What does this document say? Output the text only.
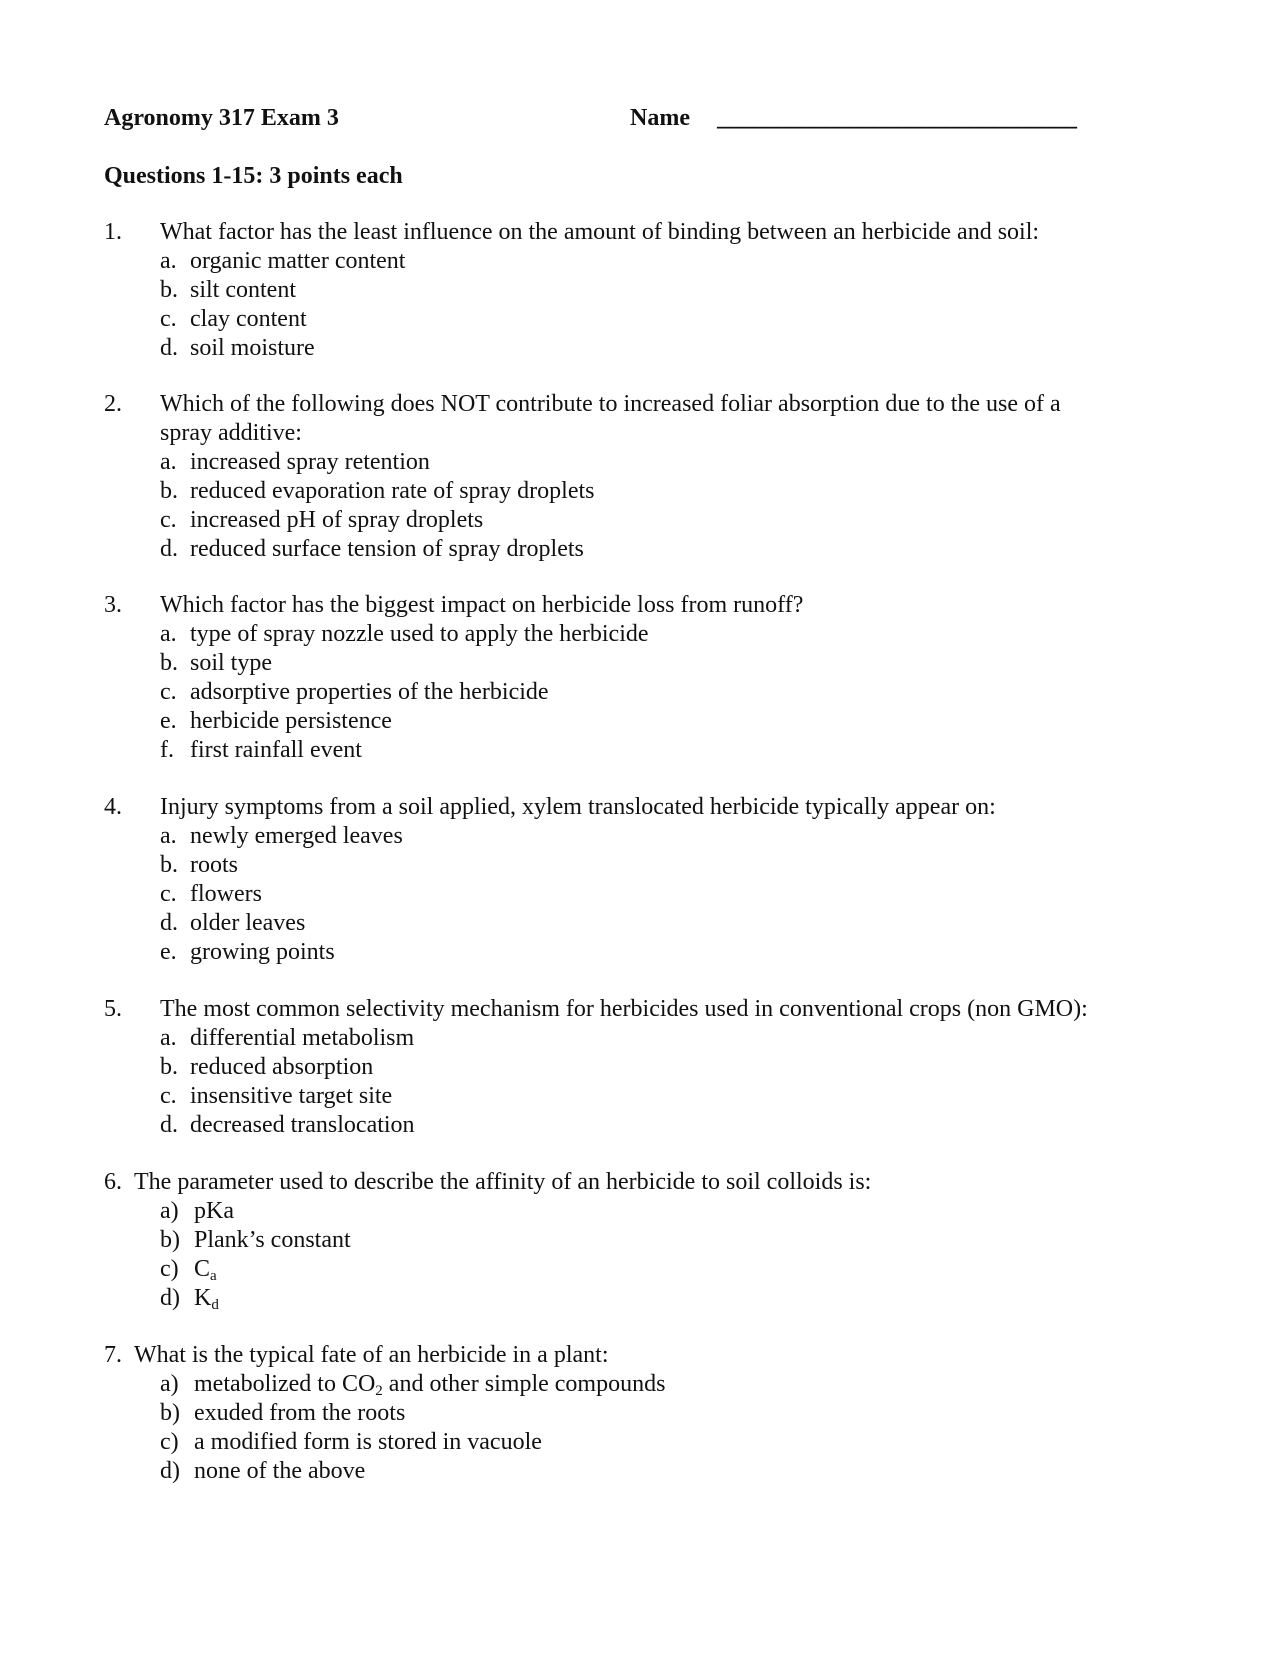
Agronomy 317 Exam 3	Name ______________________________
Questions 1-15: 3 points each
1. What factor has the least influence on the amount of binding between an herbicide and soil:
a. organic matter content
b. silt content
c. clay content
d. soil moisture
2. Which of the following does NOT contribute to increased foliar absorption due to the use of a spray additive:
a. increased spray retention
b. reduced evaporation rate of spray droplets
c. increased pH of spray droplets
d. reduced surface tension of spray droplets
3. Which factor has the biggest impact on herbicide loss from runoff?
a. type of spray nozzle used to apply the herbicide
b. soil type
c. adsorptive properties of the herbicide
e. herbicide persistence
f. first rainfall event
4. Injury symptoms from a soil applied, xylem translocated herbicide typically appear on:
a. newly emerged leaves
b. roots
c. flowers
d. older leaves
e. growing points
5. The most common selectivity mechanism for herbicides used in conventional crops (non GMO):
a. differential metabolism
b. reduced absorption
c. insensitive target site
d. decreased translocation
6. The parameter used to describe the affinity of an herbicide to soil colloids is:
a) pKa
b) Plank’s constant
c) $C_a$
d) $K_d$
7. What is the typical fate of an herbicide in a plant:
a) metabolized to $CO_2$ and other simple compounds
b) exuded from the roots
c) a modified form is stored in vacuole
d) none of the above
